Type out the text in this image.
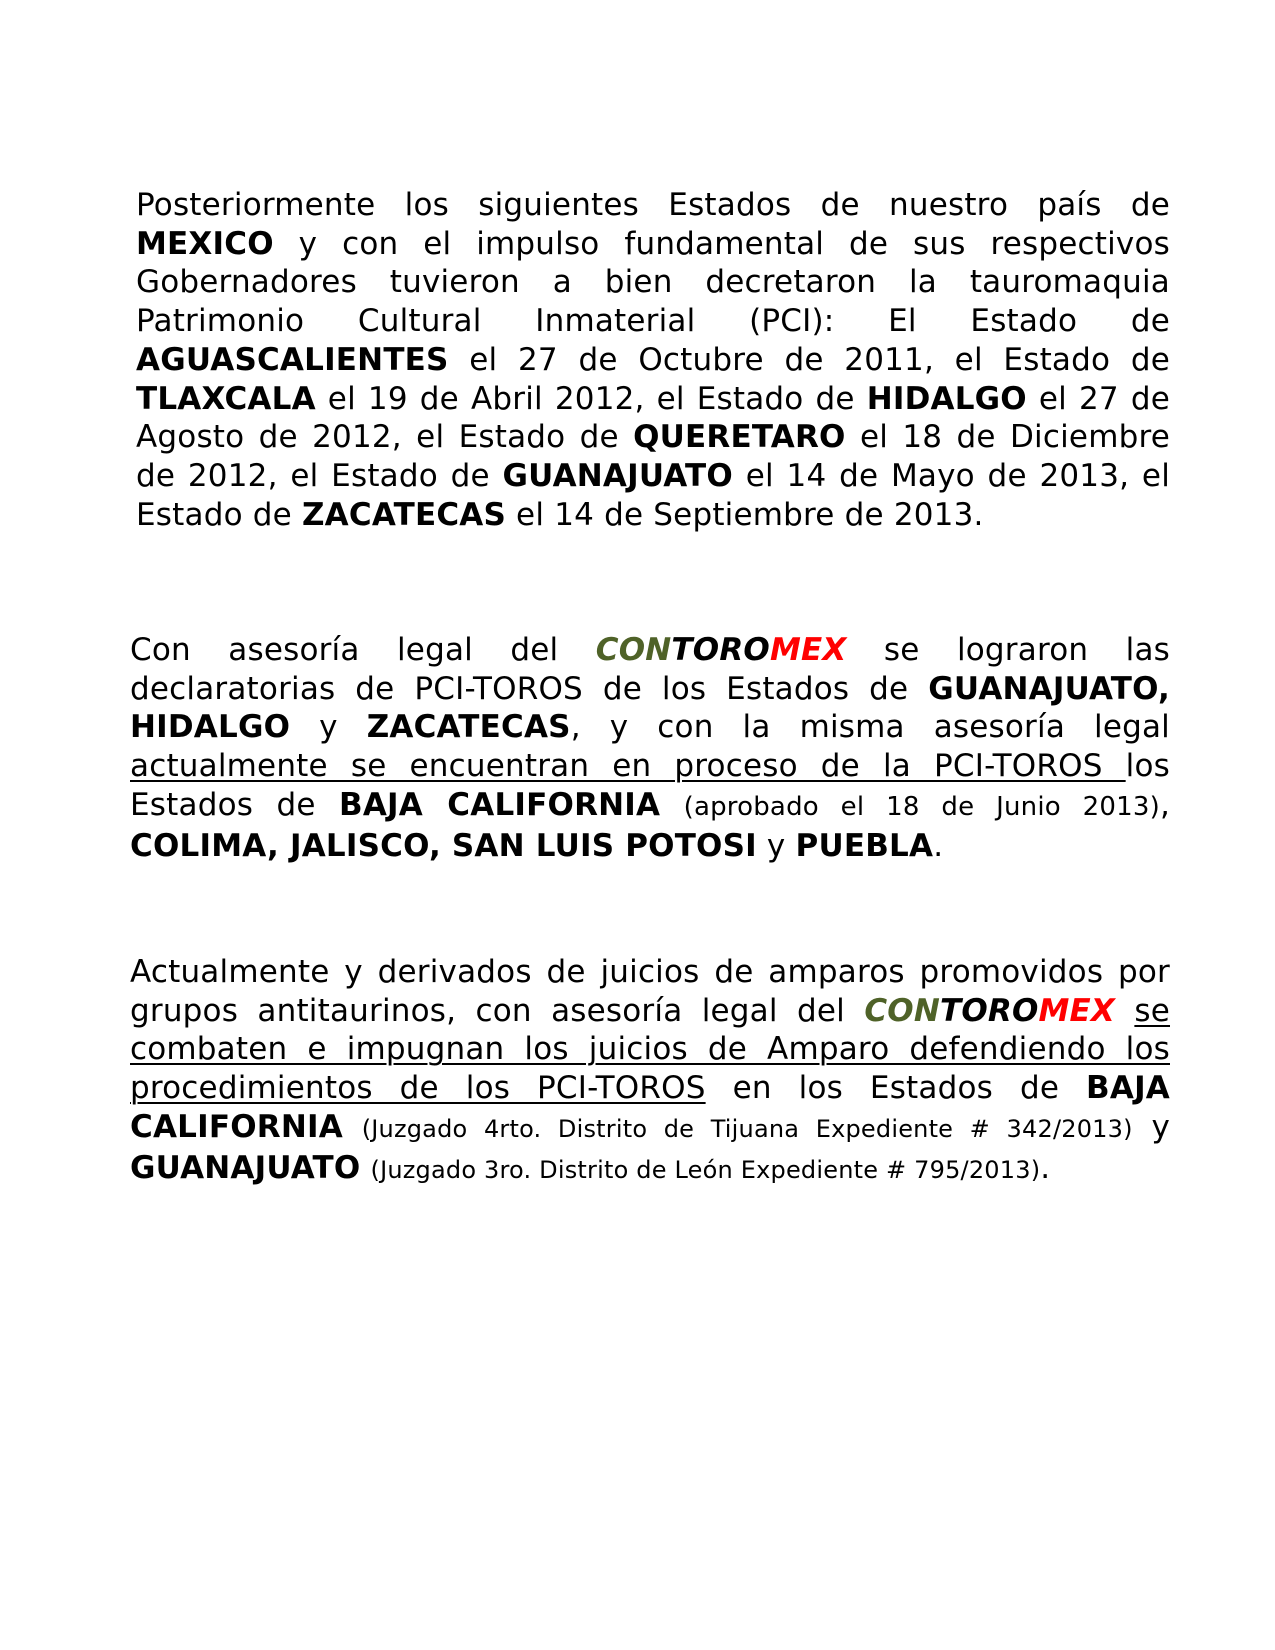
Posteriormente los siguientes Estados de nuestro país de MEXICO y con el impulso fundamental de sus respectivos Gobernadores tuvieron a bien decretaron la tauromaquia Patrimonio Cultural Inmaterial (PCI): El Estado de AGUASCALIENTES el 27 de Octubre de 2011, el Estado de TLAXCALA el 19 de Abril 2012, el Estado de HIDALGO el 27 de Agosto de 2012, el Estado de QUERETARO el 18 de Diciembre de 2012, el Estado de GUANAJUATO el 14 de Mayo de 2013, el Estado de ZACATECAS el 14 de Septiembre de 2013.

Con asesoría legal del CONTOROMEX se lograron las declaratorias de PCI-TOROS de los Estados de GUANAJUATO, HIDALGO y ZACATECAS, y con la misma asesoría legal actualmente se encuentran en proceso de la PCI-TOROS los Estados de BAJA CALIFORNIA (aprobado el 18 de Junio 2013), COLIMA, JALISCO, SAN LUIS POTOSI y PUEBLA.

Actualmente y derivados de juicios de amparos promovidos por grupos antitaurinos, con asesoría legal del CONTOROMEX se combaten e impugnan los juicios de Amparo defendiendo los procedimientos de los PCI-TOROS en los Estados de BAJA CALIFORNIA (Juzgado 4rto. Distrito de Tijuana Expediente # 342/2013) y GUANAJUATO (Juzgado 3ro. Distrito de León Expediente # 795/2013).
